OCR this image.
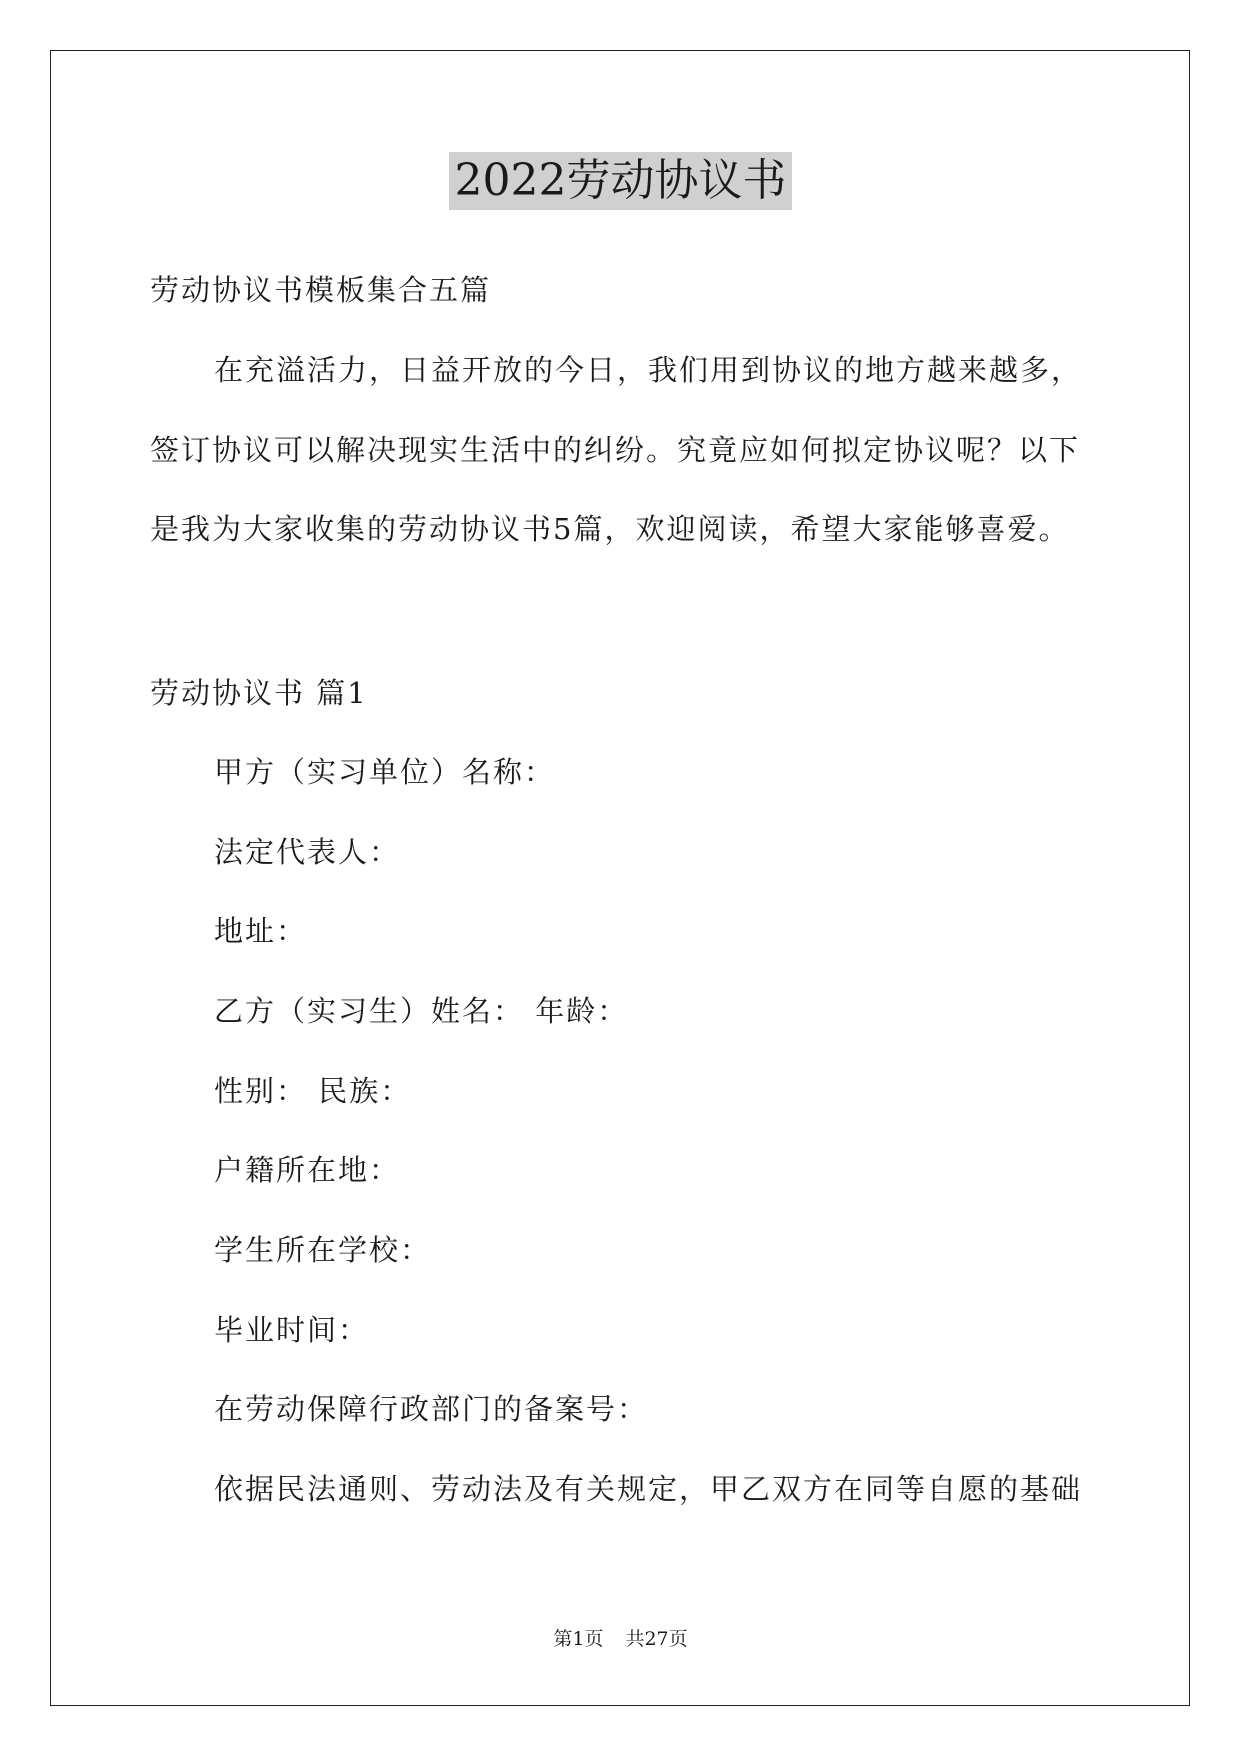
2022劳动协议书
劳动协议书模板集合五篇
在充溢活力，日益开放的今日，我们用到协议的地方越来越多，
签订协议可以解决现实生活中的纠纷。究竟应如何拟定协议呢？以下
是我为大家收集的劳动协议书5篇，欢迎阅读，希望大家能够喜爱。
劳动协议书 篇1
甲方（实习单位）名称：
法定代表人：
地址：
乙方（实习生）姓名： 年龄：
性别： 民族：
户籍所在地：
学生所在学校：
毕业时间：
在劳动保障行政部门的备案号：
依据民法通则、劳动法及有关规定，甲乙双方在同等自愿的基础
第1页 共27页
